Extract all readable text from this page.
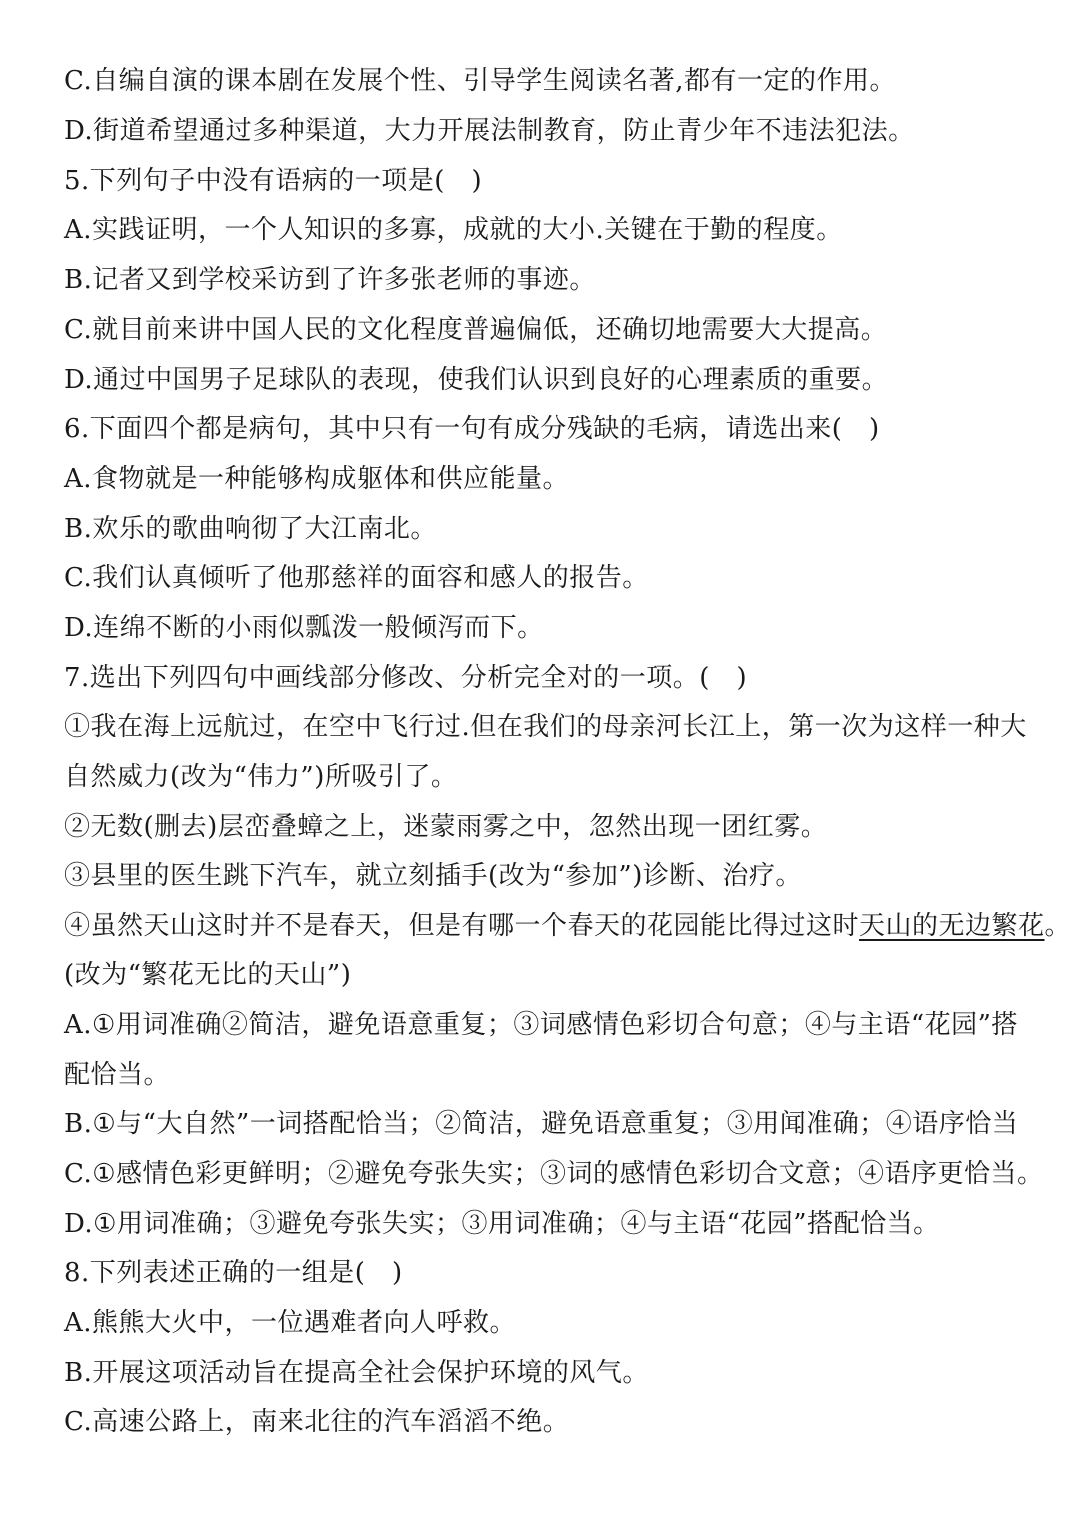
C.自编自演的课本剧在发展个性、引导学生阅读名著,都有一定的作用。
D.街道希望通过多种渠道，大力开展法制教育，防止青少年不违法犯法。
5.下列句子中没有语病的一项是(　)
A.实践证明，一个人知识的多寡，成就的大小.关键在于勤的程度。
B.记者又到学校采访到了许多张老师的事迹。
C.就目前来讲中国人民的文化程度普遍偏低，还确切地需要大大提高。
D.通过中国男子足球队的表现，使我们认识到良好的心理素质的重要。
6.下面四个都是病句，其中只有一句有成分残缺的毛病，请选出来(　)
A.食物就是一种能够构成躯体和供应能量。
B.欢乐的歌曲响彻了大江南北。
C.我们认真倾听了他那慈祥的面容和感人的报告。
D.连绵不断的小雨似瓢泼一般倾泻而下。
7.选出下列四句中画线部分修改、分析完全对的一项。(　)
①我在海上远航过，在空中飞行过.但在我们的母亲河长江上，第一次为这样一种大
自然威力(改为“伟力”)所吸引了。
②无数(删去)层峦叠蟑之上，迷蒙雨雾之中，忽然出现一团红雾。
③县里的医生跳下汽车，就立刻插手(改为“参加”)诊断、治疗。
④虽然天山这时并不是春天，但是有哪一个春天的花园能比得过这时天山的无边繁花。
(改为“繁花无比的天山”)
A.①用词准确②简洁，避免语意重复；③词感情色彩切合句意；④与主语“花园”搭
配恰当。
B.①与“大自然”一词搭配恰当；②简洁，避免语意重复；③用闻准确；④语序恰当
C.①感情色彩更鲜明；②避免夸张失实；③词的感情色彩切合文意；④语序更恰当。
D.①用词准确；③避免夸张失实；③用词准确；④与主语“花园”搭配恰当。
8.下列表述正确的一组是(　)
A.熊熊大火中，一位遇难者向人呼救。
B.开展这项活动旨在提高全社会保护环境的风气。
C.高速公路上，南来北往的汽车滔滔不绝。
